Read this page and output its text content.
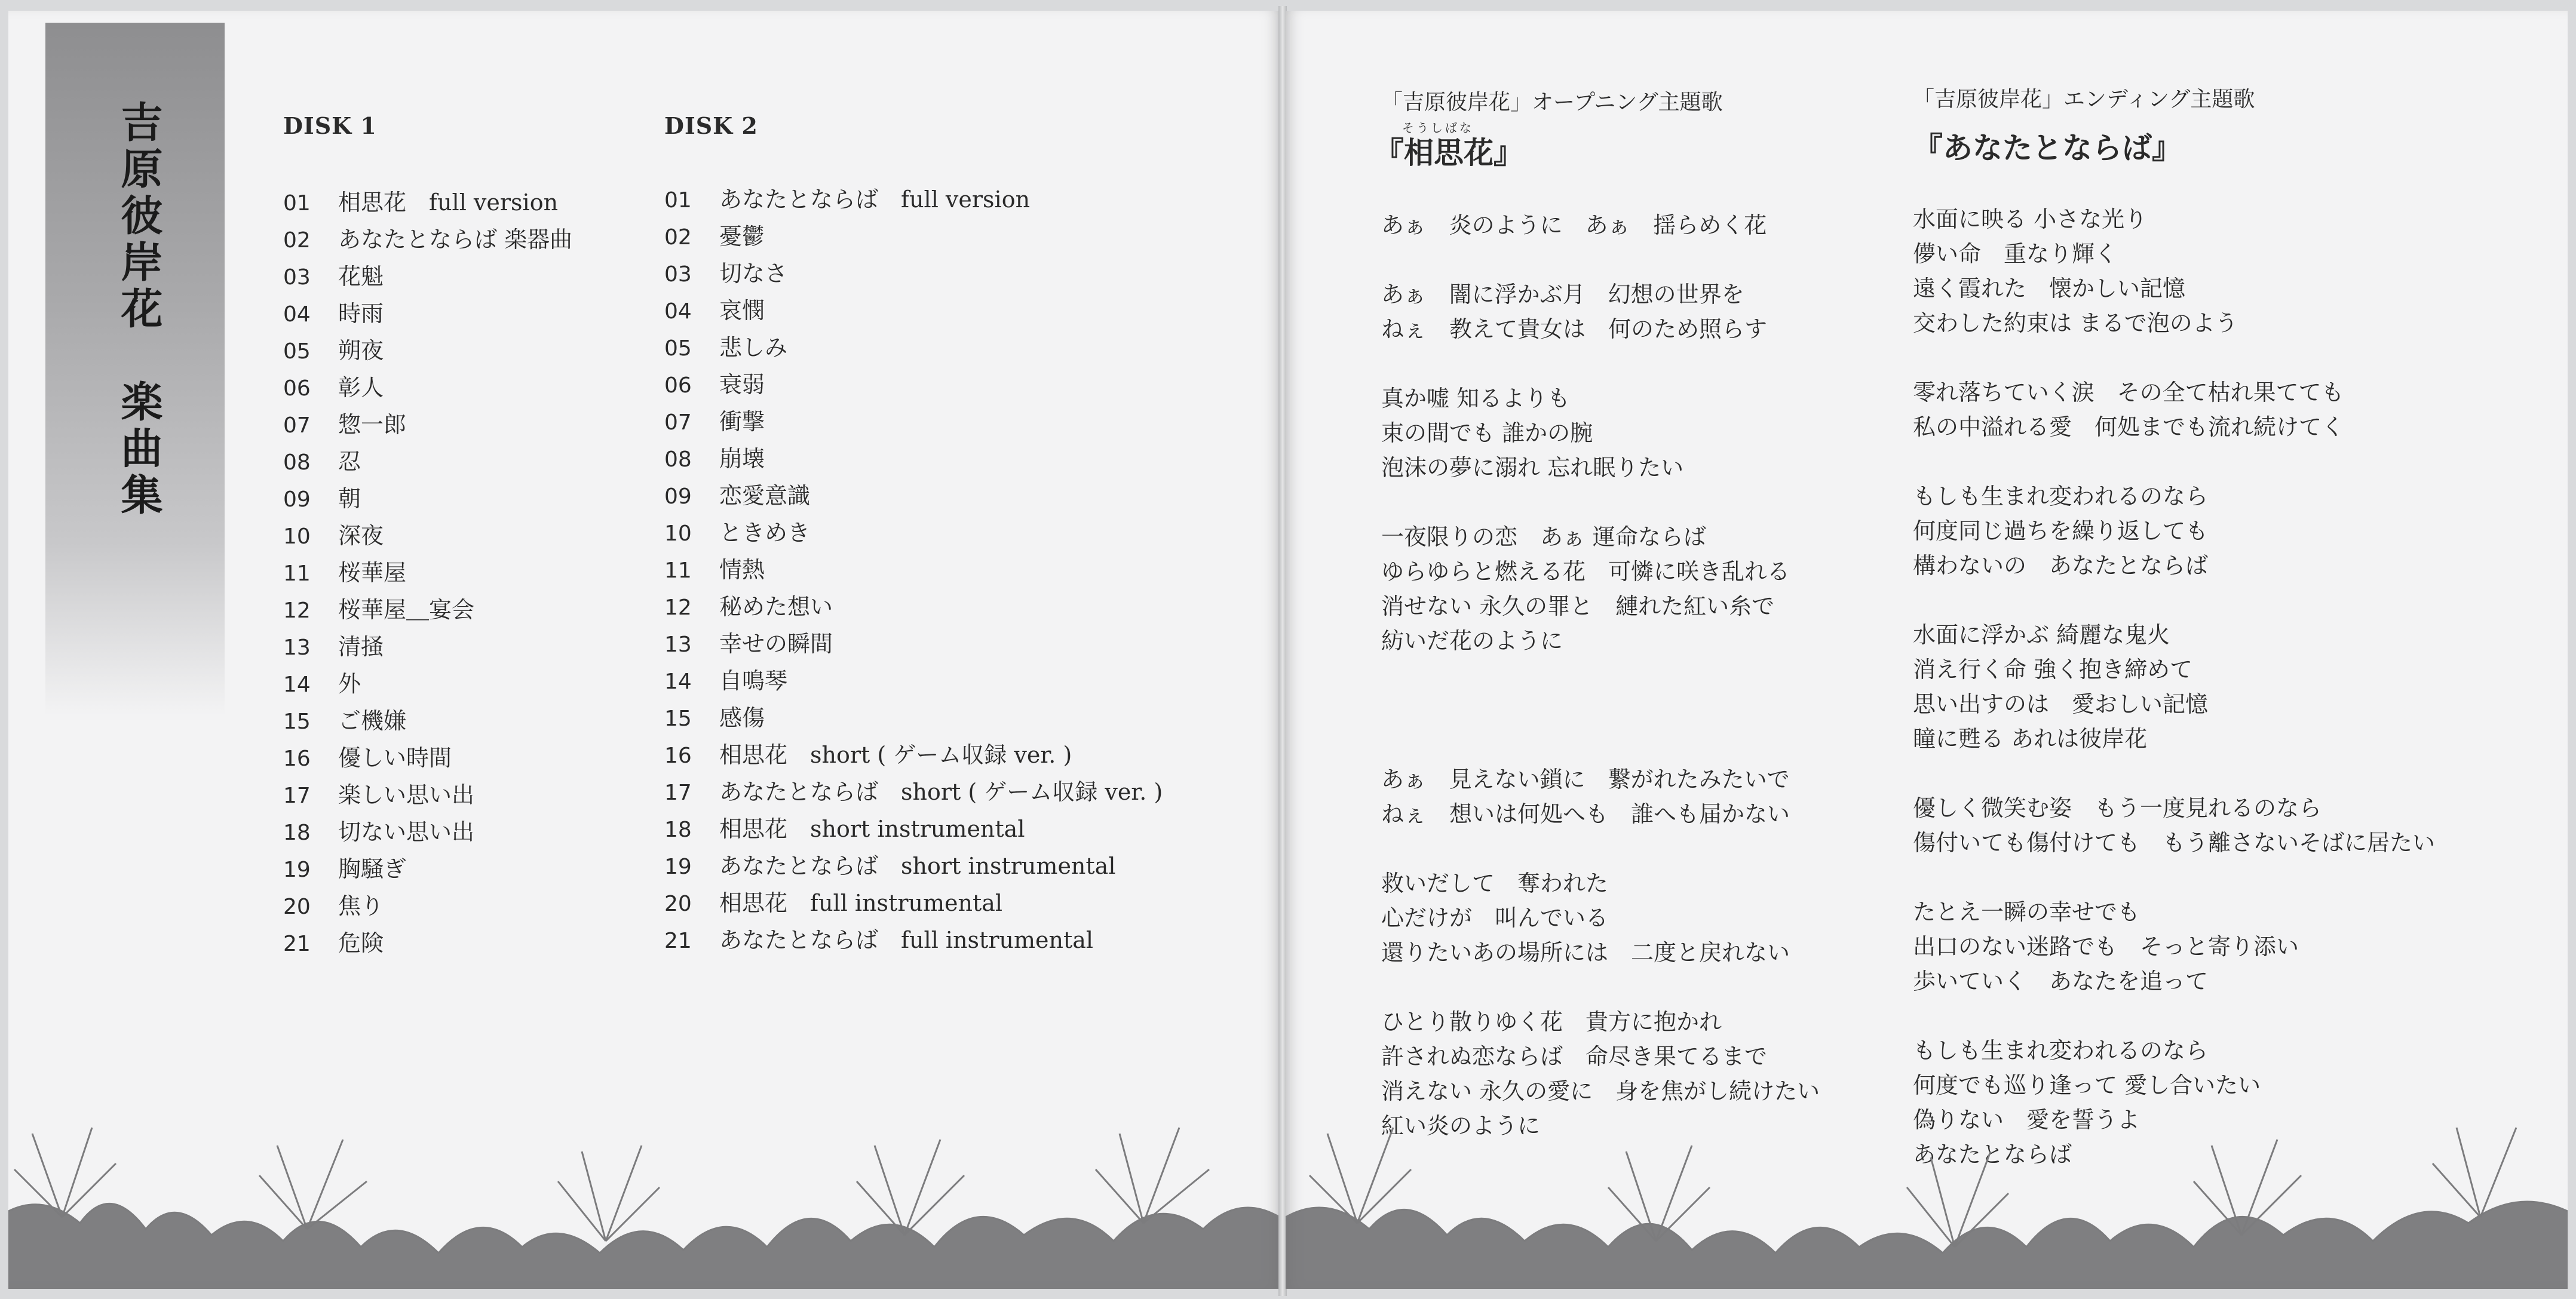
吉原彼岸花　楽曲集	DISK 1
01 相思花　full version
02 あなたとならば 楽器曲
03 花魁
04 時雨
05 朔夜
06 彰人
07 惣一郎
08 忍
09 朝
10 深夜
11 桜華屋
12 桜華屋＿宴会
13 清掻
14 外
15 ご機嫌
16 優しい時間
17 楽しい思い出
18 切ない思い出
19 胸騒ぎ
20 焦り
21 危険
DISK 2
01 あなたとならば　full version
02 憂鬱
03 切なさ
04 哀憫
05 悲しみ
06 衰弱
07 衝撃
08 崩壊
09 恋愛意識
10 ときめき
11 情熱
12 秘めた想い
13 幸せの瞬間
14 自鳴琴
15 感傷
16 相思花　short ( ゲーム収録 ver. )
17 あなたとならば　short ( ゲーム収録 ver. )
18 相思花　short instrumental
19 あなたとならば　short instrumental
20 相思花　full instrumental
21 あなたとならば　full instrumental
「吉原彼岸花」オープニング主題歌
そうしばな
『相思花』
あぁ　炎のように　あぁ　揺らめく花
あぁ　闇に浮かぶ月　幻想の世界を
ねぇ　教えて貴女は　何のため照らす
真か嘘 知るよりも
束の間でも 誰かの腕
泡沫の夢に溺れ 忘れ眠りたい
一夜限りの恋　あぁ 運命ならば
ゆらゆらと燃える花　可憐に咲き乱れる
消せない 永久の罪と　縺れた紅い糸で
紡いだ花のように
あぁ　見えない鎖に　繋がれたみたいで
ねぇ　想いは何処へも　誰へも届かない
救いだして　奪われた
心だけが　叫んでいる
還りたいあの場所には　二度と戻れない
ひとり散りゆく花　貴方に抱かれ
許されぬ恋ならば　命尽き果てるまで
消えない 永久の愛に　身を焦がし続けたい
紅い炎のように
「吉原彼岸花」エンディング主題歌
『あなたとならば』
水面に映る 小さな光り
儚い命　重なり輝く
遠く霞れた　懐かしい記憶
交わした約束は まるで泡のよう
零れ落ちていく涙　その全て枯れ果てても
私の中溢れる愛　何処までも流れ続けてく
もしも生まれ変われるのなら
何度同じ過ちを繰り返しても
構わないの　あなたとならば
水面に浮かぶ 綺麗な鬼火
消え行く命 強く抱き締めて
思い出すのは　愛おしい記憶
瞳に甦る あれは彼岸花
優しく微笑む姿　もう一度見れるのなら
傷付いても傷付けても　もう離さないそばに居たい
たとえ一瞬の幸せでも
出口のない迷路でも　そっと寄り添い
歩いていく　あなたを追って
もしも生まれ変われるのなら
何度でも巡り逢って 愛し合いたい
偽りない　愛を誓うよ
あなたとならば
